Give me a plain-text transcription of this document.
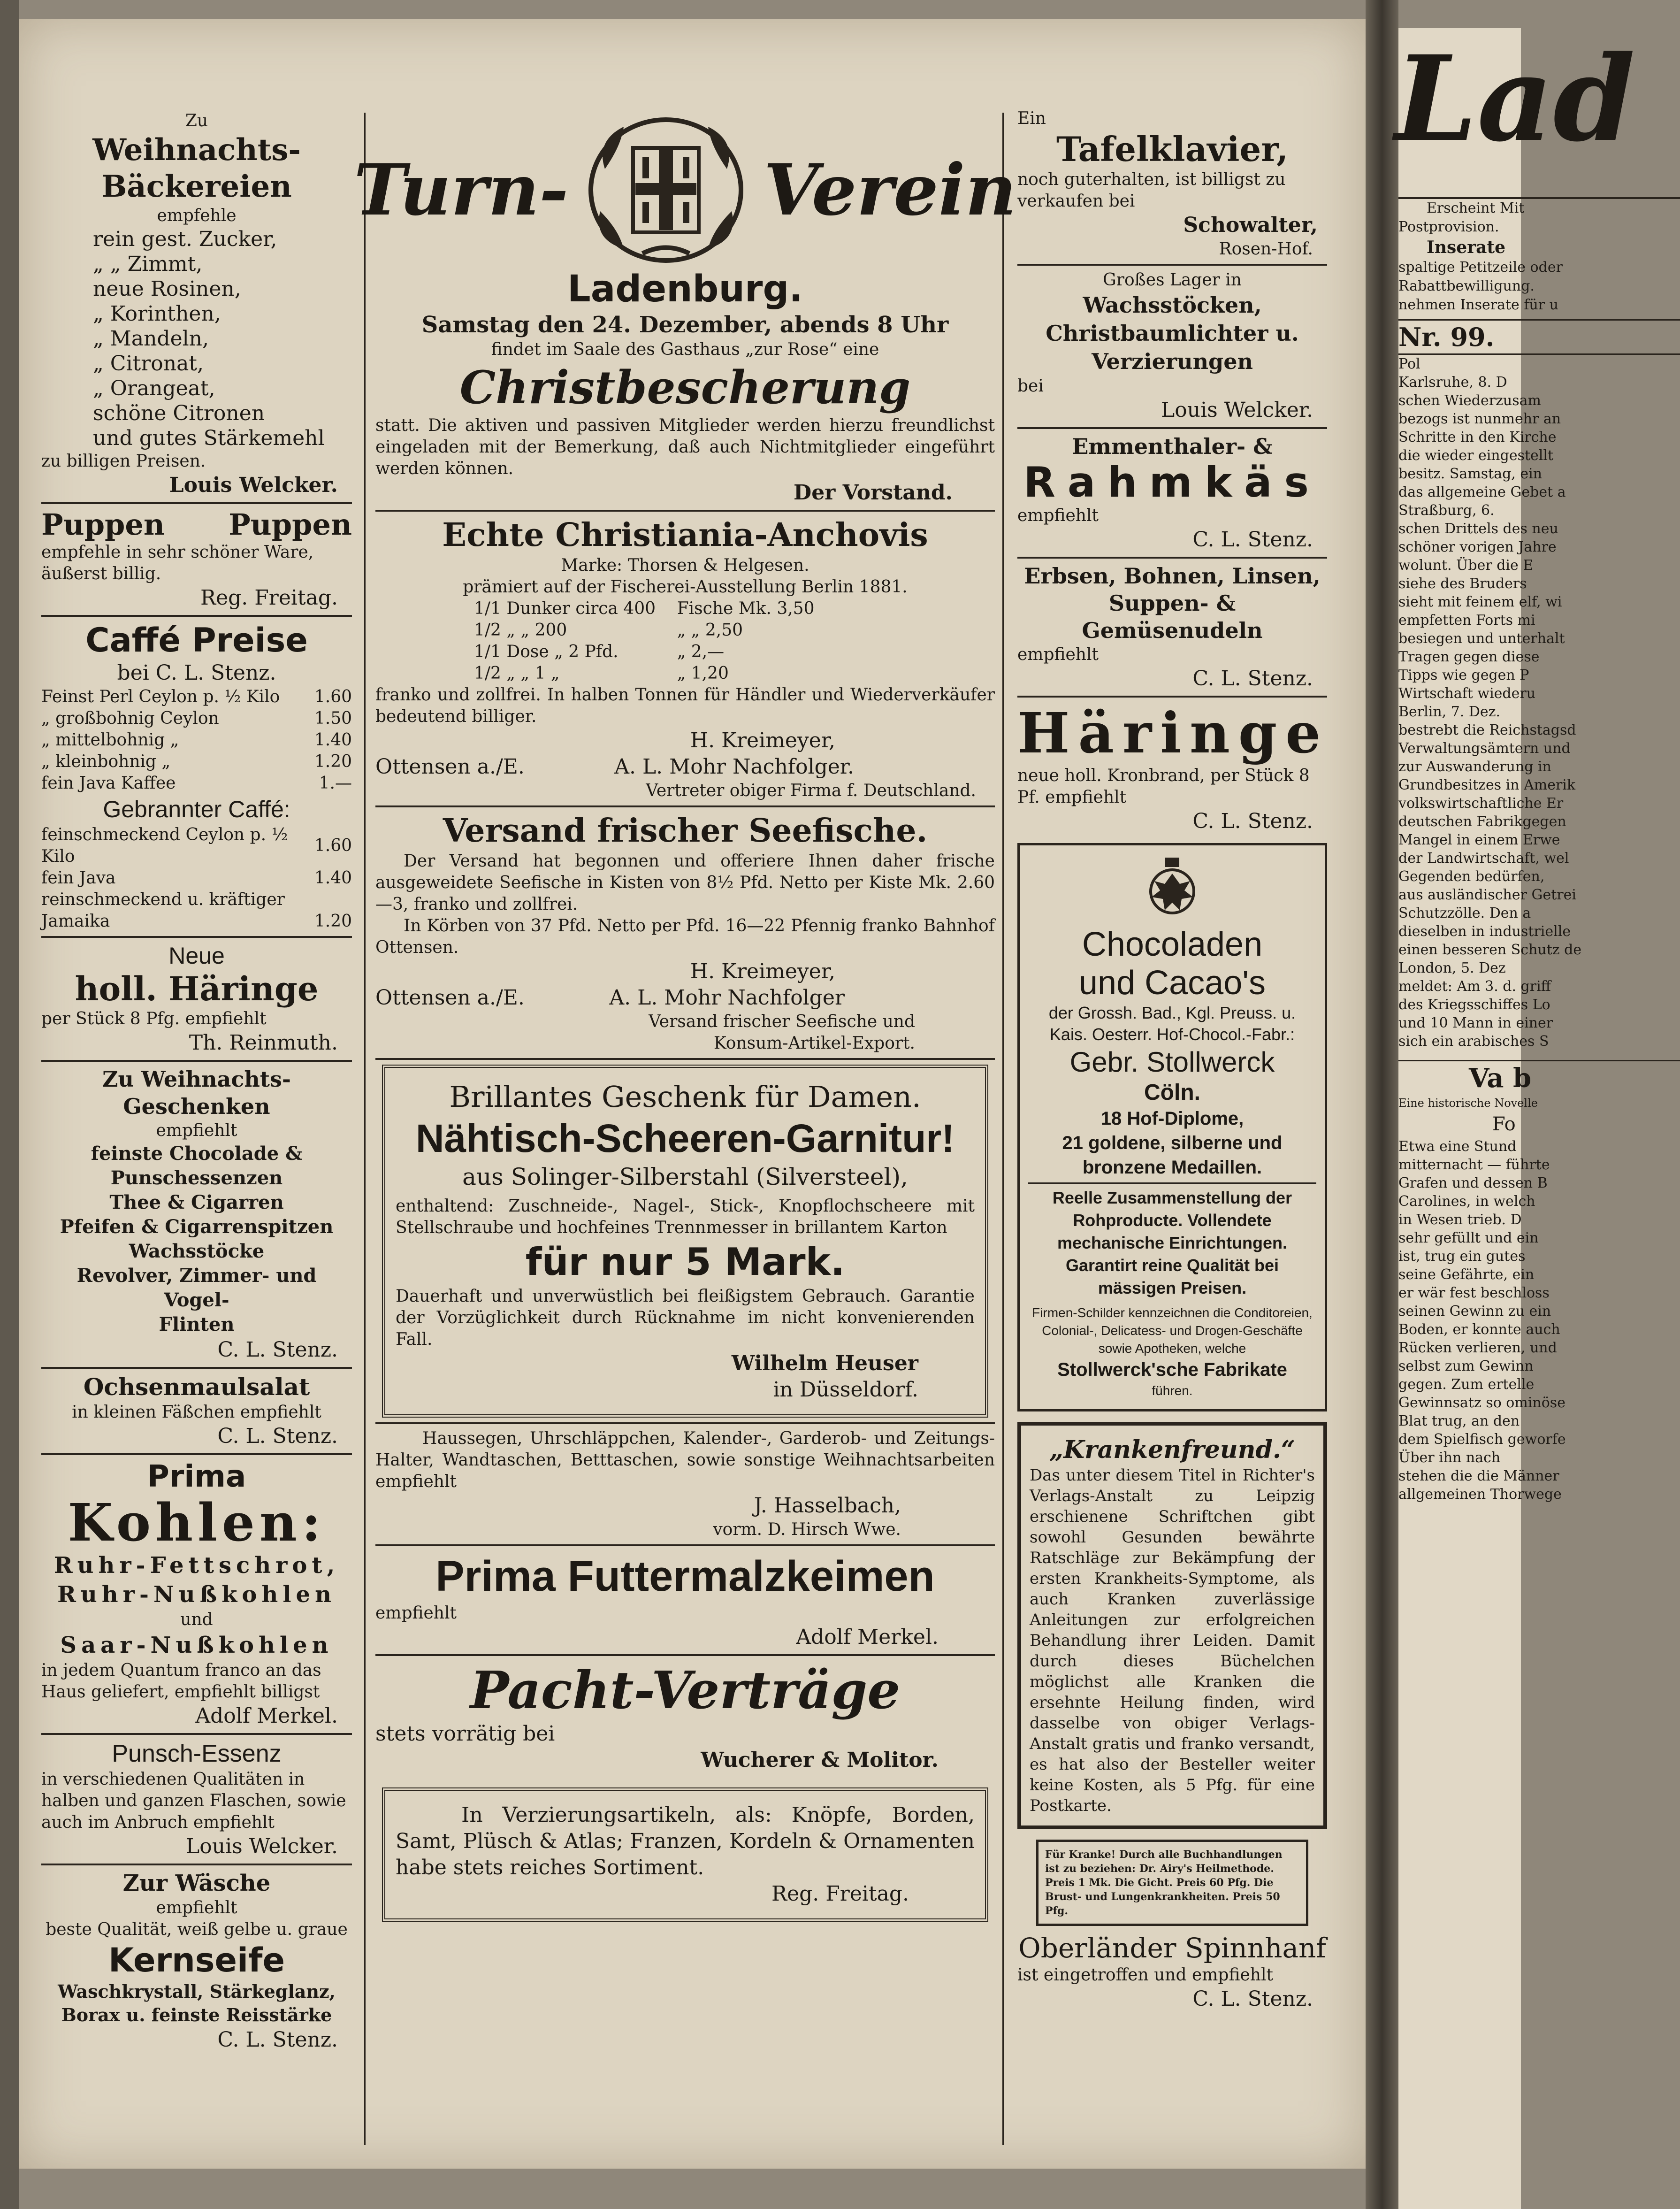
Zu
Weihnachts-Bäckereien
empfehle
rein gest. Zucker,
„ „ Zimmt,
neue Rosinen,
„ Korinthen,
„ Mandeln,
„ Citronat,
„ Orangeat,
schöne Citronen
und gutes Stärkemehl
zu billigen Preisen.
Louis Welcker.
Puppen Puppen
empfehle in sehr schöner Ware, äußerst billig.
Reg. Freitag.
Caffé Preise
bei C. L. Stenz.
Feinst Perl Ceylon p. ½ Kilo	1.60
„ großbohnig Ceylon	1.50
„ mittelbohnig „	1.40
„ kleinbohnig „	1.20
fein Java Kaffee	1.—
Gebrannter Caffé:
feinschmeckend Ceylon p. ½ Kilo	1.60
fein Java	1.40
reinschmeckend u. kräftiger	
Jamaika	1.20
Neue
holl. Häringe
per Stück 8 Pfg. empfiehlt
Th. Reinmuth.
Zu Weihnachts-Geschenken
empfiehlt
feinste Chocolade & Punschessenzen
Thee & Cigarren
Pfeifen & Cigarrenspitzen
Wachsstöcke
Revolver, Zimmer- und Vogel-
Flinten
C. L. Stenz.
Ochsenmaulsalat
in kleinen Fäßchen empfiehlt
C. L. Stenz.
Prima
Kohlen:
Ruhr-Fettschrot,
Ruhr-Nußkohlen
und
Saar-Nußkohlen
in jedem Quantum franco an das Haus geliefert, empfiehlt billigst
Adolf Merkel.
Punsch-Essenz
in verschiedenen Qualitäten in halben und ganzen Flaschen, sowie auch im Anbruch empfiehlt
Louis Welcker.
Zur Wäsche
empfiehlt
beste Qualität, weiß gelbe u. graue
Kernseife
Waschkrystall, Stärkeglanz,
Borax u. feinste Reisstärke
C. L. Stenz.
Turn-	Verein
Ladenburg.
Samstag den 24. Dezember, abends 8 Uhr
findet im Saale des Gasthaus „zur Rose“ eine
Christbescherung
statt. Die aktiven und passiven Mitglieder werden hierzu freundlichst eingeladen mit der Bemerkung, daß auch Nichtmitglieder eingeführt werden können.
Der Vorstand.
Echte Christiania-Anchovis
Marke: Thorsen & Helgesen.
prämiert auf der Fischerei-Ausstellung Berlin 1881.
1/1 Dunker circa 400	Fische Mk. 3,50
1/2 „ „ 200	„ „ 2,50
1/1 Dose „ 2 Pfd.	„ 2,—
1/2 „ „ 1 „	„ 1,20
franko und zollfrei. In halben Tonnen für Händler und Wiederverkäufer bedeutend billiger.
H. Kreimeyer,
Ottensen a./E.	A. L. Mohr Nachfolger.
Vertreter obiger Firma f. Deutschland.
Versand frischer Seefische.
Der Versand hat begonnen und offeriere Ihnen daher frische ausgeweidete Seefische in Kisten von 8½ Pfd. Netto per Kiste Mk. 2.60—3, franko und zollfrei.
In Körben von 37 Pfd. Netto per Pfd. 16—22 Pfennig franko Bahnhof Ottensen.
H. Kreimeyer,
Ottensen a./E.	A. L. Mohr Nachfolger
Versand frischer Seefische und
Konsum-Artikel-Export.
Brillantes Geschenk für Damen.
Nähtisch-Scheeren-Garnitur!
aus Solinger-Silberstahl (Silversteel),
enthaltend: Zuschneide-, Nagel-, Stick-, Knopflochscheere mit Stellschraube und hochfeines Trennmesser in brillantem Karton
für nur 5 Mark.
Dauerhaft und unverwüstlich bei fleißigstem Gebrauch. Garantie der Vorzüglichkeit durch Rücknahme im nicht konvenierenden Fall.
Wilhelm Heuser
in Düsseldorf.
Haussegen, Uhrschläppchen, Kalender-, Garderob- und Zeitungs-Halter, Wandtaschen, Betttaschen, sowie sonstige Weihnachtsarbeiten empfiehlt
J. Hasselbach,
vorm. D. Hirsch Wwe.
Prima Futtermalzkeimen
empfiehlt
Adolf Merkel.
Pacht-Verträge
stets vorrätig bei
Wucherer & Molitor.
In Verzierungsartikeln, als: Knöpfe, Borden, Samt, Plüsch & Atlas; Franzen, Kordeln & Ornamenten habe stets reiches Sortiment.
Reg. Freitag.
Ein
Tafelklavier,
noch guterhalten, ist billigst zu verkaufen bei
Schowalter,
Rosen-Hof.
Großes Lager in
Wachsstöcken, Christbaumlichter u. Verzierungen
bei
Louis Welcker.
Emmenthaler- &
Rahmkäs
empfiehlt
C. L. Stenz.
Erbsen, Bohnen, Linsen,
Suppen- & Gemüsenudeln
empfiehlt
C. L. Stenz.
Häringe
neue holl. Kronbrand, per Stück 8 Pf. empfiehlt
C. L. Stenz.
Chocoladen
und Cacao's
der Grossh. Bad., Kgl. Preuss. u.
Kais. Oesterr. Hof-Chocol.-Fabr.:
Gebr. Stollwerck
Cöln.
18 Hof-Diplome,
21 goldene, silberne und
bronzene Medaillen.
Reelle Zusammenstellung der Rohproducte. Vollendete mechanische Einrichtungen. Garantirt reine Qualität bei mässigen Preisen.
Firmen-Schilder kennzeichnen die Conditoreien, Colonial-, Delicatess- und Drogen-Geschäfte sowie Apotheken, welche
Stollwerck'sche Fabrikate
führen.
„Krankenfreund.“
Das unter diesem Titel in Richter's Verlags-Anstalt zu Leipzig erschienene Schriftchen gibt sowohl Gesunden bewährte Ratschläge zur Bekämpfung der ersten Krankheits-Symptome, als auch Kranken zuverlässige Anleitungen zur erfolgreichen Behandlung ihrer Leiden. Damit durch dieses Büchelchen möglichst alle Kranken die ersehnte Heilung finden, wird dasselbe von obiger Verlags-Anstalt gratis und franko versandt, es hat also der Besteller weiter keine Kosten, als 5 Pfg. für eine Postkarte.
Für Kranke! Durch alle Buchhandlungen ist zu beziehen: Dr. Airy's Heilmethode. Preis 1 Mk. Die Gicht. Preis 60 Pfg. Die Brust- und Lungenkrankheiten. Preis 50 Pfg.
Oberländer Spinnhanf
ist eingetroffen und empfiehlt
C. L. Stenz.
Lad
Erscheint Mit
Postprovision.
Inserate
spaltige Petitzeile oder
Rabattbewilligung.
nehmen Inserate für u
Nr. 99.
Pol
Karlsruhe, 8. D
schen Wiederzusam
bezogs ist nunmehr an
Schritte in den Kirche
die wieder eingestellt
besitz. Samstag, ein
das allgemeine Gebet a
Straßburg, 6.
schen Drittels des neu
schöner vorigen Jahre
wolunt. Über die E
siehe des Bruders
sieht mit feinem elf, wi
empfetten Forts mi
besiegen und unterhalt
Tragen gegen diese
Tipps wie gegen P
Wirtschaft wiederu
Berlin, 7. Dez.
bestrebt die Reichstagsd
Verwaltungsämtern und
zur Auswanderung in
Grundbesitzes in Amerik
volkswirtschaftliche Er
deutschen Fabrikgegen
Mangel in einem Erwe
der Landwirtschaft, wel
Gegenden bedürfen,
aus ausländischer Getrei
Schutzzölle. Den a
dieselben in industrielle
einen besseren Schutz de
London, 5. Dez
meldet: Am 3. d. griff
des Kriegsschiffes Lo
und 10 Mann in einer
sich ein arabisches S
Va b
Eine historische Novelle
Fo
Etwa eine Stund
mitternacht — führte
Grafen und dessen B
Carolines, in welch
in Wesen trieb. D
sehr gefüllt und ein
ist, trug ein gutes
seine Gefährte, ein
er wär fest beschloss
seinen Gewinn zu ein
Boden, er konnte auch
Rücken verlieren, und
selbst zum Gewinn
gegen. Zum ertelle
Gewinnsatz so ominöse
Blat trug, an den
dem Spielfisch geworfe
Über ihn nach
stehen die die Männer
allgemeinen Thorwege
